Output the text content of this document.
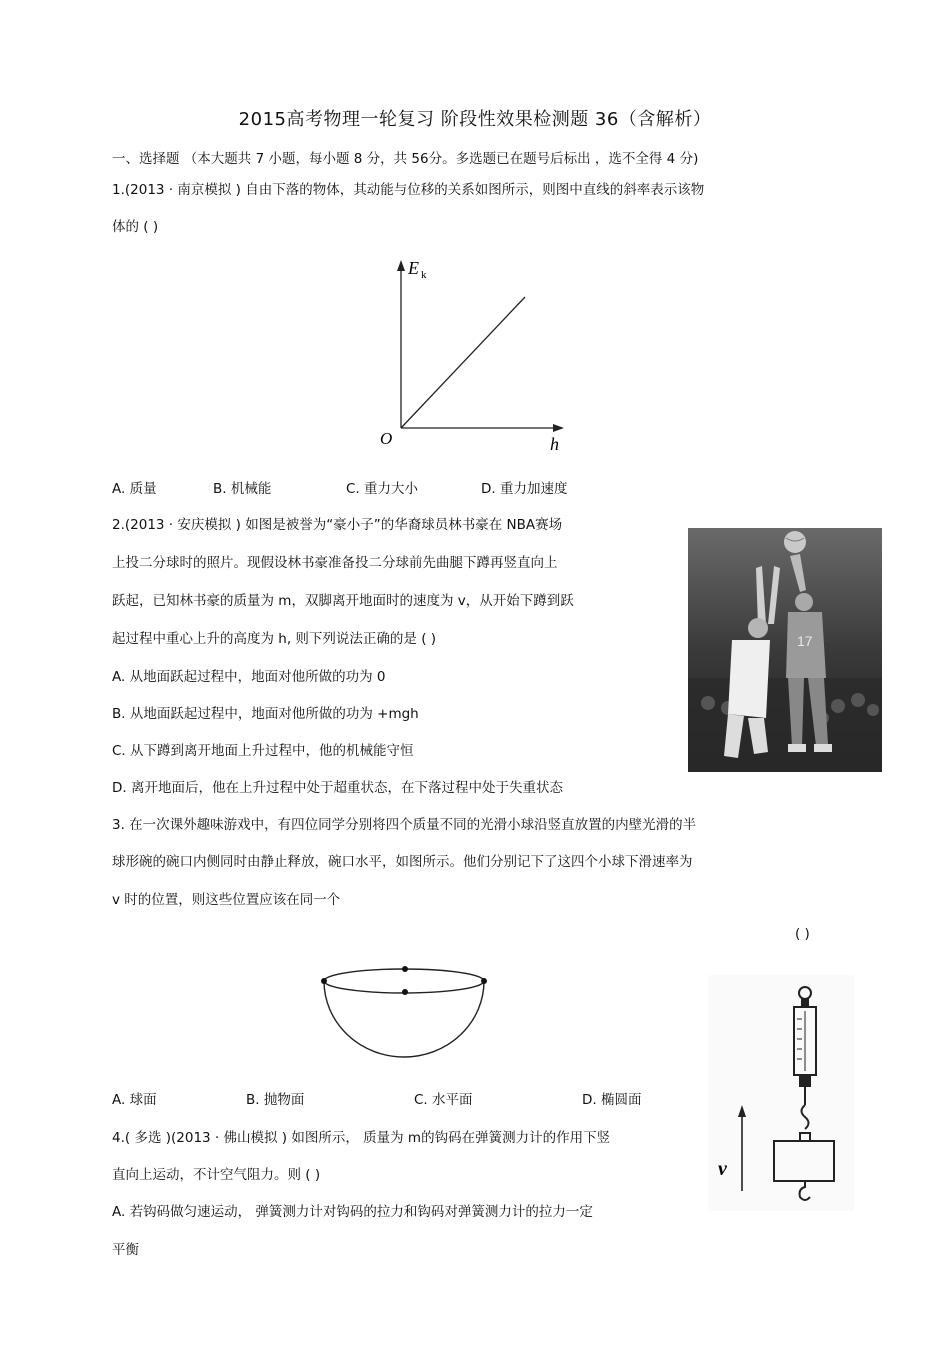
2015高考物理一轮复习 阶段性效果检测题 36（含解析）
一、选择题 （本大题共 7 小题，每小题 8 分，共 56分。多选题已在题号后标出 ，选不全得 4 分)
1.(2013 · 南京模拟 ) 自由下落的物体，其动能与位移的关系如图所示，则图中直线的斜率表示该物
体的 ( )
E k
h
O
A. 质量	B. 机械能	C. 重力大小	D. 重力加速度
2.(2013 · 安庆模拟 ) 如图是被誉为“豪小子”的华裔球员林书豪在 NBA赛场
上投二分球时的照片。现假设林书豪准备投二分球前先曲腿下蹲再竖直向上
跃起，已知林书豪的质量为 m，双脚离开地面时的速度为 v，从开始下蹲到跃
起过程中重心上升的高度为 h, 则下列说法正确的是 ( )
A. 从地面跃起过程中，地面对他所做的功为 0
B. 从地面跃起过程中，地面对他所做的功为 +mgh
C. 从下蹲到离开地面上升过程中，他的机械能守恒
D. 离开地面后，他在上升过程中处于超重状态，在下落过程中处于失重状态
17
3. 在一次课外趣味游戏中，有四位同学分别将四个质量不同的光滑小球沿竖直放置的内壁光滑的半
球形碗的碗口内侧同时由静止释放，碗口水平，如图所示。他们分别记下了这四个小球下滑速率为
v 时的位置，则这些位置应该在同一个
( )
A. 球面	B. 抛物面	C. 水平面	D. 椭圆面
4.( 多选 )(2013 · 佛山模拟 ) 如图所示， 质量为 m的钩码在弹簧测力计的作用下竖
直向上运动，不计空气阻力。则 ( )
A. 若钩码做匀速运动， 弹簧测力计对钩码的拉力和钩码对弹簧测力计的拉力一定
平衡
v
